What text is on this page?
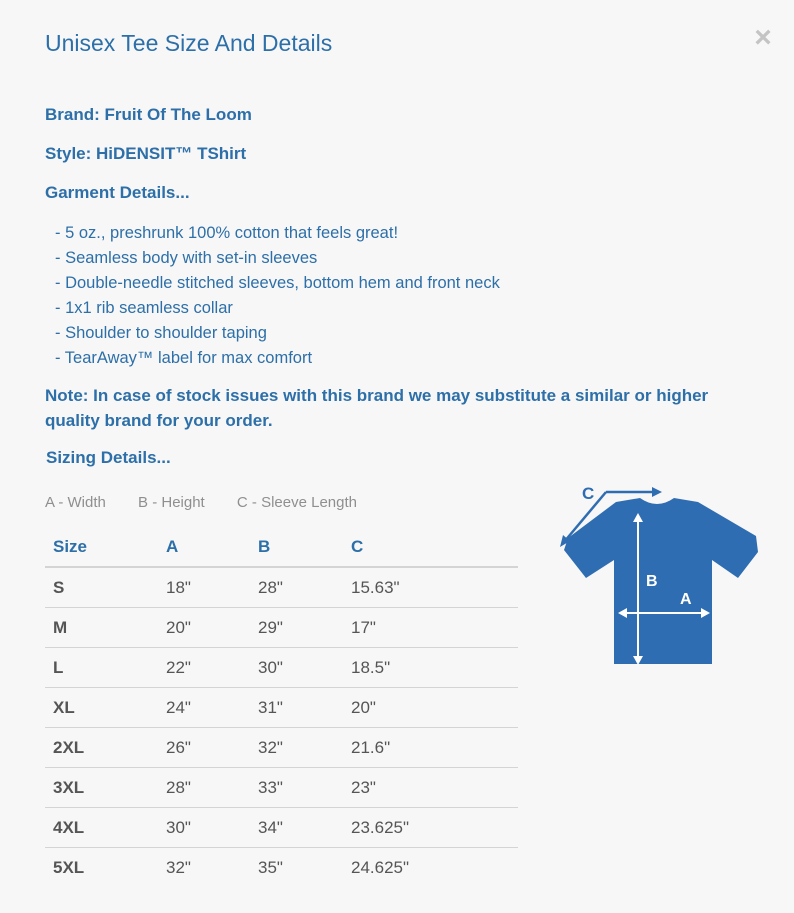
Unisex Tee Size And Details	×
Brand: Fruit Of The Loom
Style: HiDENSIT™ TShirt
Garment Details...
- 5 oz., preshrunk 100% cotton that feels great!
- Seamless body with set-in sleeves
- Double-needle stitched sleeves, bottom hem and front neck
- 1x1 rib seamless collar
- Shoulder to shoulder taping
- TearAway™ label for max comfort
Note: In case of stock issues with this brand we may substitute a similar or higher quality brand for your order.
Sizing Details...
A - Width B - Height C - Sleeve Length
Size	A	B	C
S	18"	28"	15.63"
M	20"	29"	17"
L	22"	30"	18.5"
XL	24"	31"	20"
2XL	26"	32"	21.6"
3XL	28"	33"	23"
4XL	30"	34"	23.625"
5XL	32"	35"	24.625"
B
A
C
